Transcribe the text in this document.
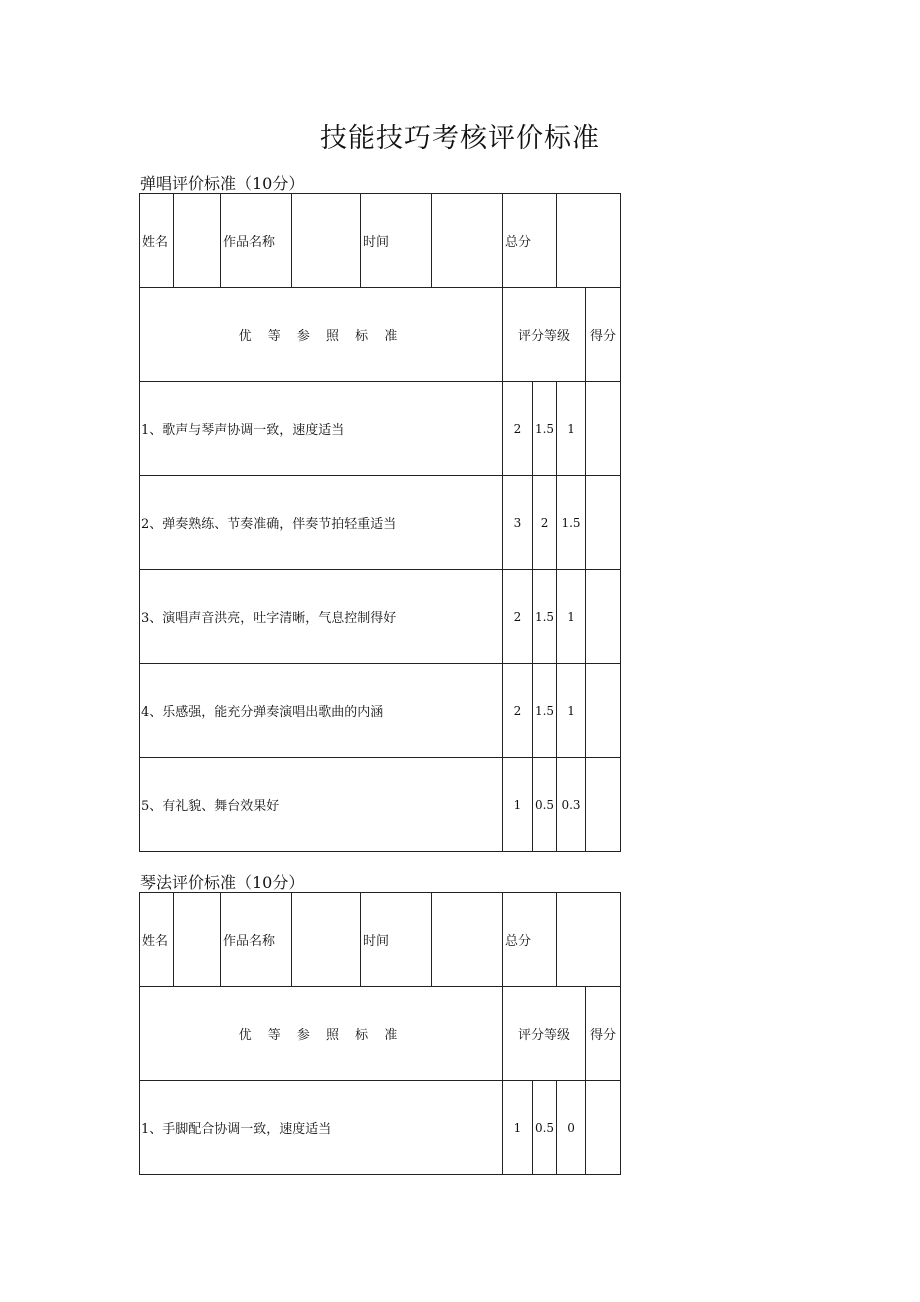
技能技巧考核评价标准
弹唱评价标准（10分）
姓名		作品名称		时间		总分			
优 等 参 照 标 准						评分等级			得分
1、歌声与琴声协调一致，速度适当						2	1.5	1	
2、弹奏熟练、节奏准确，伴奏节拍轻重适当						3	2	1.5	
3、演唱声音洪亮，吐字清晰，气息控制得好						2	1.5	1	
4、乐感强，能充分弹奏演唱出歌曲的内涵						2	1.5	1	
5、有礼貌、舞台效果好						1	0.5	0.3	
琴法评价标准（10分）
姓名		作品名称		时间		总分			
优 等 参 照 标 准						评分等级			得分
1、手脚配合协调一致，速度适当						1	0.5	0	
